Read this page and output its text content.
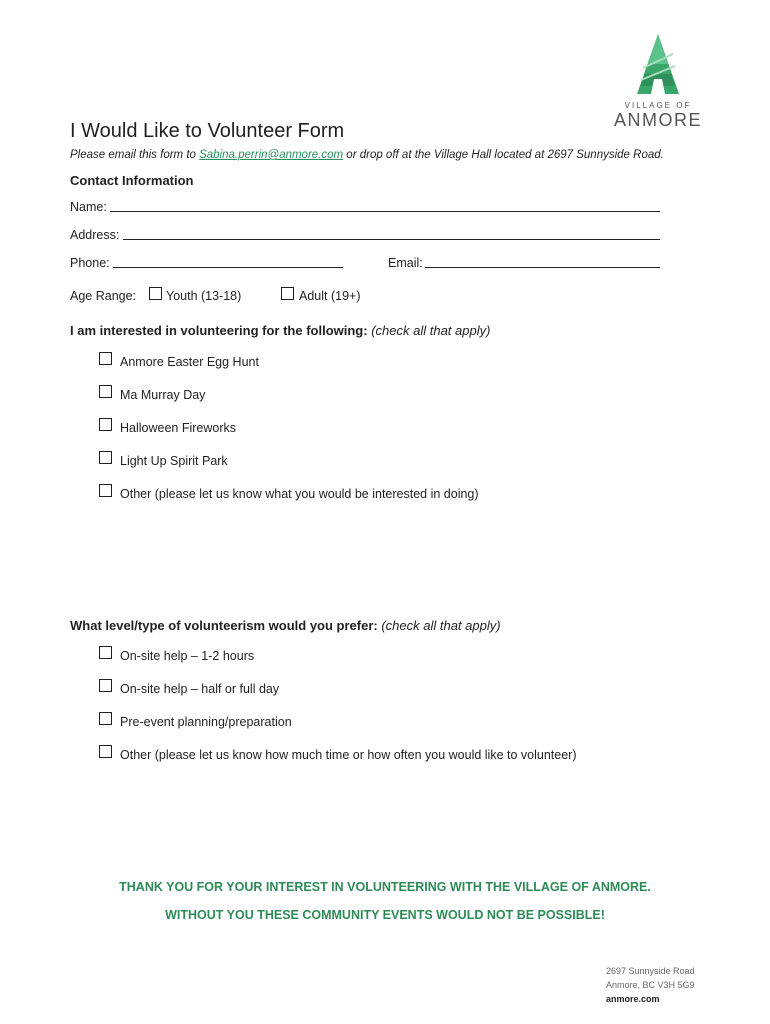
VILLAGE OF
ANMORE
I Would Like to Volunteer Form
Please email this form to Sabina.perrin@anmore.com or drop off at the Village Hall located at 2697 Sunnyside Road.
Contact Information
Name:
Address:
Phone:	Email:
Age Range: Youth (13-18)	Adult (19+)
I am interested in volunteering for the following: (check all that apply)
Anmore Easter Egg Hunt
Ma Murray Day
Halloween Fireworks
Light Up Spirit Park
Other (please let us know what you would be interested in doing)
What level/type of volunteerism would you prefer: (check all that apply)
On-site help – 1-2 hours
On-site help – half or full day
Pre-event planning/preparation
Other (please let us know how much time or how often you would like to volunteer)
THANK YOU FOR YOUR INTEREST IN VOLUNTEERING WITH THE VILLAGE OF ANMORE.
WITHOUT YOU THESE COMMUNITY EVENTS WOULD NOT BE POSSIBLE!
2697 Sunnyside Road
Anmore, BC V3H 5G9
anmore.com
